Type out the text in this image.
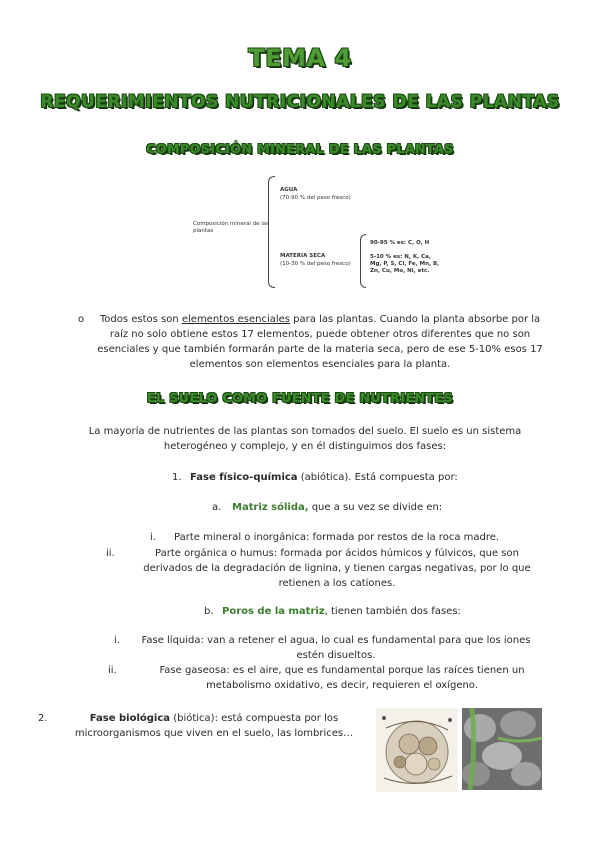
TEMA 4
REQUERIMIENTOS NUTRICIONALES DE LAS PLANTAS
COMPOSICIÓN MINERAL DE LAS PLANTAS
Composición mineral de las plantas
AGUA
(70-90 % del peso fresco)
MATERIA SECA
(10-30 % del peso fresco)
90-95 % es: C, O, H
5-10 % es: N, K, Ca, Mg, P, S, Cl, Fe, Mn, B, Zn, Cu, Mo, Ni, etc.
o	Todos estos son elementos esenciales para las plantas. Cuando la planta absorbe por la raíz no solo obtiene estos 17 elementos, puede obtener otros diferentes que no son esenciales y que también formarán parte de la materia seca, pero de ese 5-10% esos 17 elementos son elementos esenciales para la planta.
EL SUELO COMO FUENTE DE NUTRIENTES
La mayoría de nutrientes de las plantas son tomados del suelo. El suelo es un sistema heterogéneo y complejo, y en él distinguimos dos fases:
1. Fase físico-química (abiótica). Está compuesta por:
a. Matriz sólida, que a su vez se divide en:
i. Parte mineral o inorgánica: formada por restos de la roca madre.
ii.	Parte orgánica o humus: formada por ácidos húmicos y fúlvicos, que son derivados de la degradación de lignina, y tienen cargas negativas, por lo que retienen a los cationes.
b. Poros de la matriz, tienen también dos fases:
i.	Fase líquida: van a retener el agua, lo cual es fundamental para que los iones estén disueltos.
ii.	Fase gaseosa: es el aire, que es fundamental porque las raíces tienen un metabolismo oxidativo, es decir, requieren el oxígeno.
2.	Fase biológica (biótica): está compuesta por los microorganismos que viven en el suelo, las lombrices…
